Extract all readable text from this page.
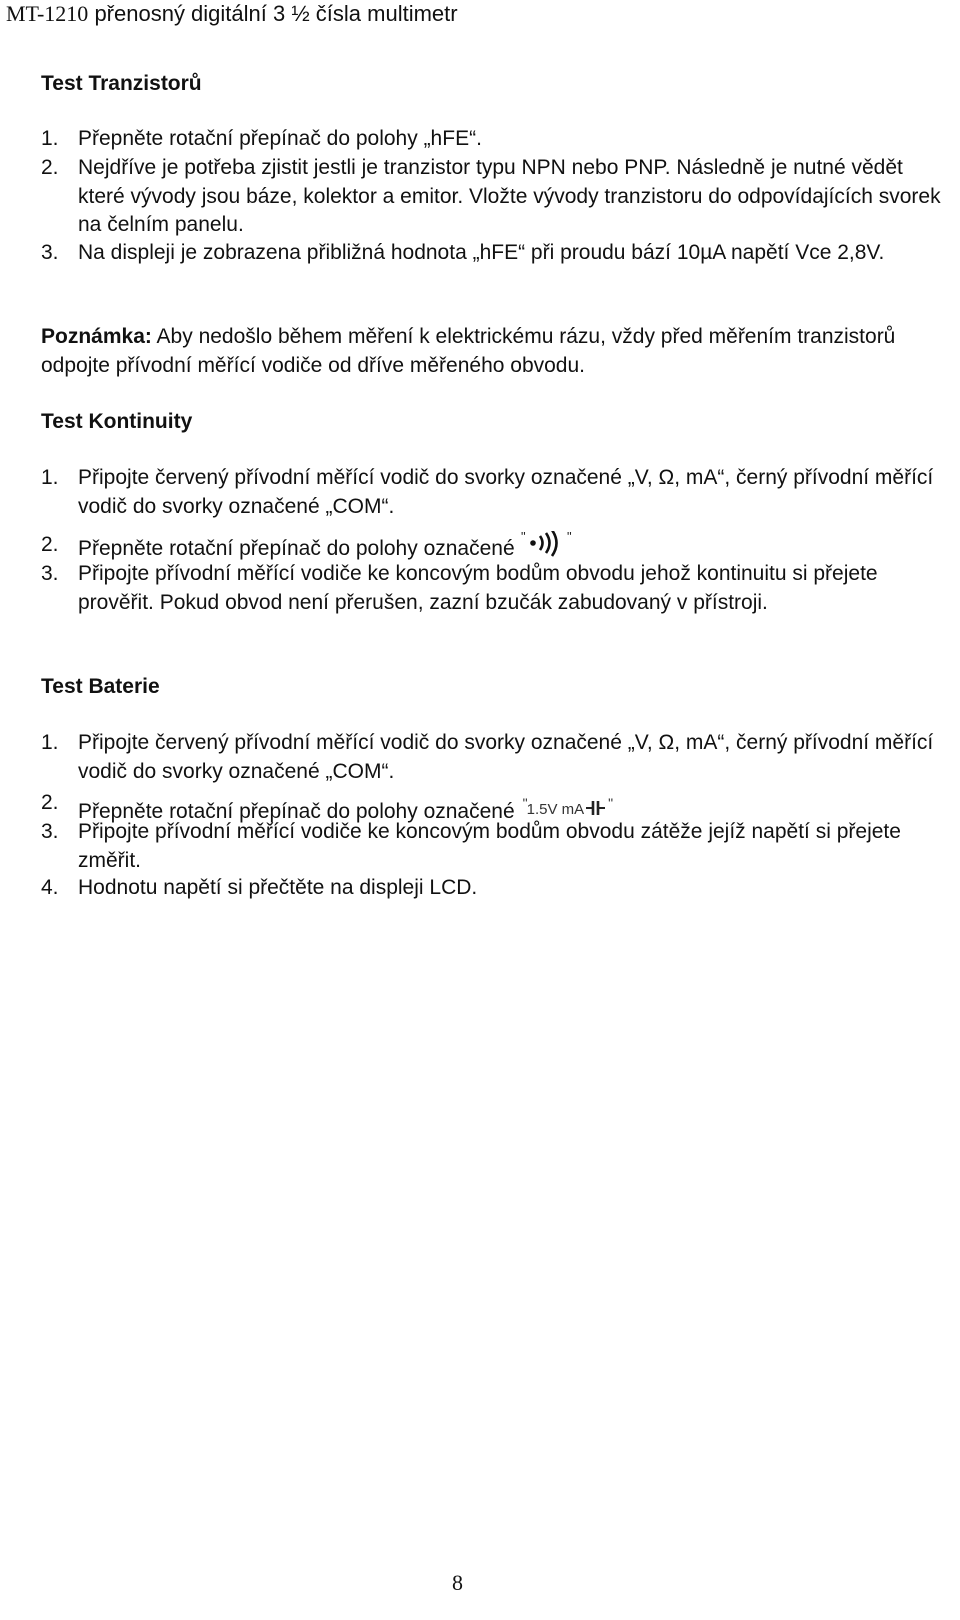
MT-1210 přenosný digitální 3 ½ čísla multimetr
Test Tranzistorů
1. Přepněte rotační přepínač do polohy „hFE“.
2. Nejdříve je potřeba zjistit jestli je tranzistor typu NPN nebo PNP. Následně je nutné vědět které vývody jsou báze, kolektor a emitor. Vložte vývody tranzistoru do odpovídajících svorek na čelním panelu.
3. Na displeji je zobrazena přibližná hodnota „hFE“ při proudu bází 10µA napětí Vce 2,8V.
Poznámka: Aby nedošlo během měření k elektrickému rázu, vždy před měřením tranzistorů odpojte přívodní měřící vodiče od dříve měřeného obvodu.
Test Kontinuity
1. Připojte červený přívodní měřící vodič do svorky označené „V, Ω, mA“, černý přívodní měřící vodič do svorky označené „COM“.
2. Přepněte rotační přepínač do polohy označené
"	"
3. Připojte přívodní měřící vodiče ke koncovým bodům obvodu jehož kontinuitu si přejete prověřit. Pokud obvod není přerušen, zazní bzučák zabudovaný v přístroji.
Test Baterie
1. Připojte červený přívodní měřící vodič do svorky označené „V, Ω, mA“, černý přívodní měřící vodič do svorky označené „COM“.
2. Přepněte rotační přepínač do polohy označené "1.5V mA "
3. Připojte přívodní měřící vodiče ke koncovým bodům obvodu zátěže jejíž napětí si přejete změřit.
4. Hodnotu napětí si přečtěte na displeji LCD.
8
